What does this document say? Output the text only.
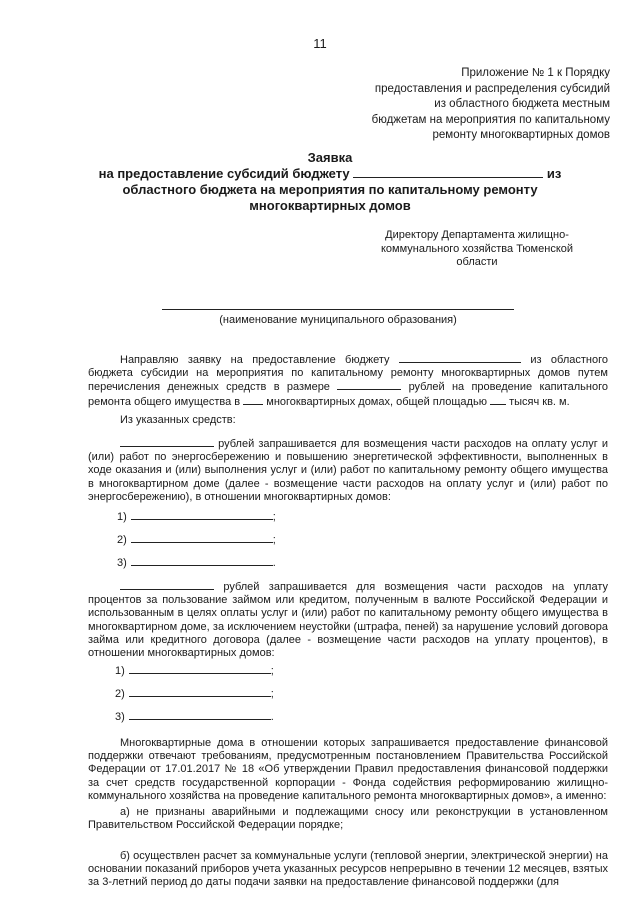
11
Приложение № 1 к Порядку
предоставления и распределения субсидий
из областного бюджета местным
бюджетам на мероприятия по капитальному
ремонту многоквартирных домов
Заявка
на предоставление субсидий бюджету	из
областного бюджета на мероприятия по капитальному ремонту
многоквартирных домов
Директору Департамента жилищно-
коммунального хозяйства Тюменской
области
(наименование муниципального образования)
Направляю заявку на предоставление бюджету	из областного бюджета субсидии на мероприятия по капитальному ремонту многоквартирных домов путем перечисления денежных средств в размере	рублей на проведение капитального ремонта общего имущества в многоквартирных домах, общей площадью тысяч кв. м.
Из указанных средств:
рублей запрашивается для возмещения части расходов на оплату услуг и (или) работ по энергосбережению и повышению энергетической эффективности, выполненных в ходе оказания и (или) выполнения услуг и (или) работ по капитальному ремонту общего имущества в многоквартирном доме (далее - возмещение части расходов на оплату услуг и (или) работ по энергосбережению), в отношении многоквартирных домов:
1)	;
2)	;
3)	.
рублей запрашивается для возмещения части расходов на уплату процентов за пользование займом или кредитом, полученным в валюте Российской Федерации и использованным в целях оплаты услуг и (или) работ по капитальному ремонту общего имущества в многоквартирном доме, за исключением неустойки (штрафа, пеней) за нарушение условий договора займа или кредитного договора (далее - возмещение части расходов на уплату процентов), в отношении многоквартирных домов:
1)	;
2)	;
3)	.
Многоквартирные дома в отношении которых запрашивается предоставление финансовой поддержки отвечают требованиям, предусмотренным постановлением Правительства Российской Федерации от 17.01.2017 № 18 «Об утверждении Правил предоставления финансовой поддержки за счет средств государственной корпорации - Фонда содействия реформированию жилищно-коммунального хозяйства на проведение капитального ремонта многоквартирных домов», а именно:
а) не признаны аварийными и подлежащими сносу или реконструкции в установленном Правительством Российской Федерации порядке;
б) осуществлен расчет за коммунальные услуги (тепловой энергии, электрической энергии) на основании показаний приборов учета указанных ресурсов непрерывно в течении 12 месяцев, взятых за 3-летний период до даты подачи заявки на предоставление финансовой поддержки (для
